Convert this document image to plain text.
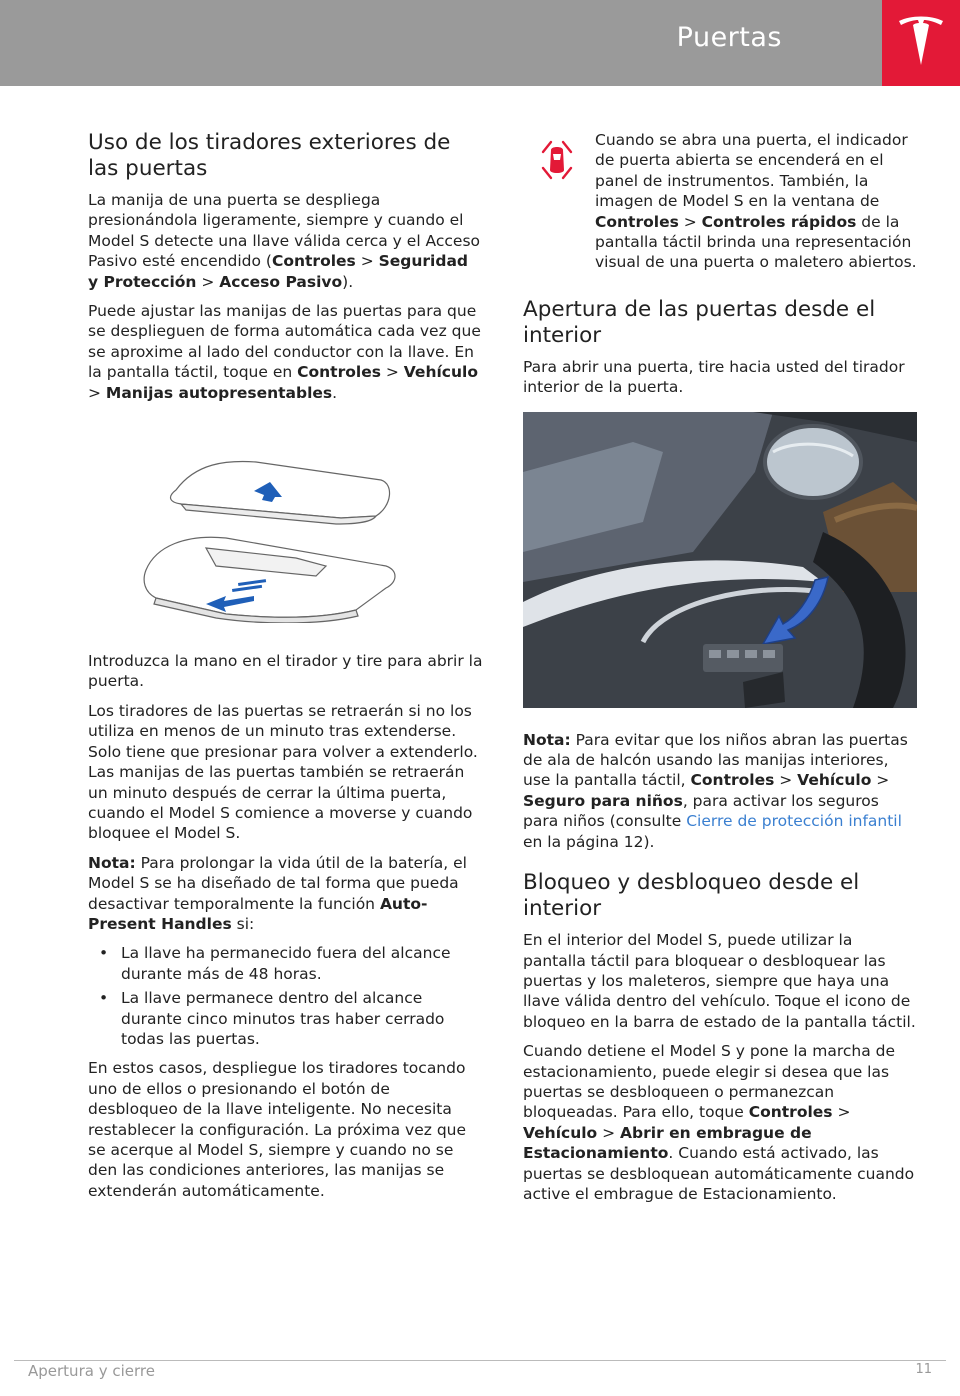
Puertas
Uso de los tiradores exteriores de las puertas

La manija de una puerta se despliega presionándola ligeramente, siempre y cuando el Model S detecte una llave válida cerca y el Acceso Pasivo esté encendido (Controles > Seguridad y Protección > Acceso Pasivo).

Puede ajustar las manijas de las puertas para que se desplieguen de forma automática cada vez que se aproxime al lado del conductor con la llave. En la pantalla táctil, toque en Controles > Vehículo > Manijas autopresentables.

Introduzca la mano en el tirador y tire para abrir la puerta.

Los tiradores de las puertas se retraerán si no los utiliza en menos de un minuto tras extenderse. Solo tiene que presionar para volver a extenderlo. Las manijas de las puertas también se retraerán un minuto después de cerrar la última puerta, cuando el Model S comience a moverse y cuando bloquee el Model S.

Nota: Para prolongar la vida útil de la batería, el Model S se ha diseñado de tal forma que pueda desactivar temporalmente la función Auto-Present Handles si:

• La llave ha permanecido fuera del alcance durante más de 48 horas.
• La llave permanece dentro del alcance durante cinco minutos tras haber cerrado todas las puertas.

En estos casos, despliegue los tiradores tocando uno de ellos o presionando el botón de desbloqueo de la llave inteligente. No necesita restablecer la configuración. La próxima vez que se acerque al Model S, siempre y cuando no se den las condiciones anteriores, las manijas se extenderán automáticamente.

Cuando se abra una puerta, el indicador de puerta abierta se encenderá en el panel de instrumentos. También, la imagen de Model S en la ventana de Controles > Controles rápidos de la pantalla táctil brinda una representación visual de una puerta o maletero abiertos.

Apertura de las puertas desde el interior

Para abrir una puerta, tire hacia usted del tirador interior de la puerta.

Nota: Para evitar que los niños abran las puertas de ala de halcón usando las manijas interiores, use la pantalla táctil, Controles > Vehículo > Seguro para niños, para activar los seguros para niños (consulte Cierre de protección infantil en la página 12).

Bloqueo y desbloqueo desde el interior

En el interior del Model S, puede utilizar la pantalla táctil para bloquear o desbloquear las puertas y los maleteros, siempre que haya una llave válida dentro del vehículo. Toque el icono de bloqueo en la barra de estado de la pantalla táctil.

Cuando detiene el Model S y pone la marcha de estacionamiento, puede elegir si desea que las puertas se desbloqueen o permanezcan bloqueadas. Para ello, toque Controles > Vehículo > Abrir en embrague de Estacionamiento. Cuando está activado, las puertas se desbloquean automáticamente cuando active el embrague de Estacionamiento.

Apertura y cierre	11
